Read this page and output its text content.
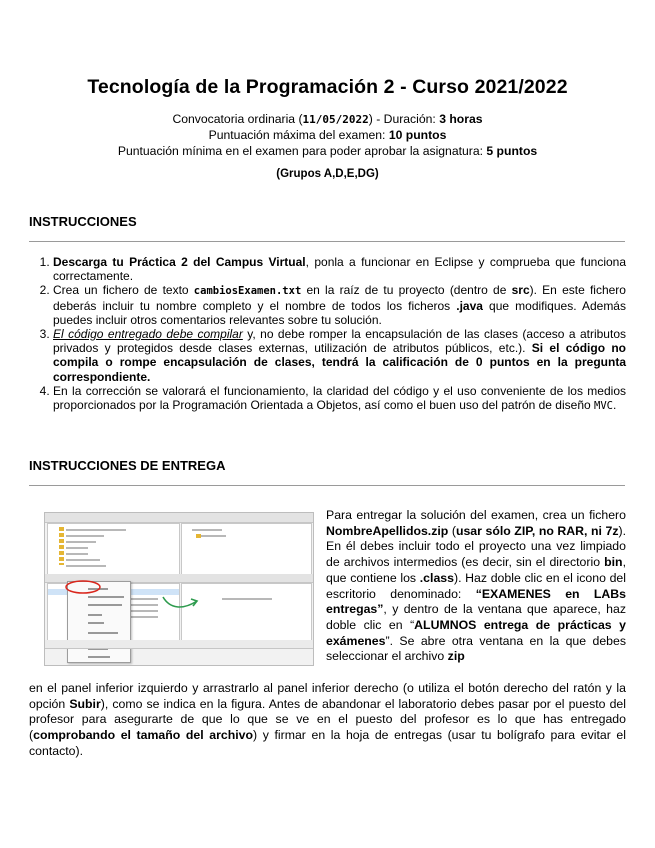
Tecnología de la Programación 2 - Curso 2021/2022
Convocatoria ordinaria (11/05/2022) - Duración: 3 horas
Puntuación máxima del examen: 10 puntos
Puntuación mínima en el examen para poder aprobar la asignatura: 5 puntos
(Grupos A,D,E,DG)
INSTRUCCIONES
1. Descarga tu Práctica 2 del Campus Virtual, ponla a funcionar en Eclipse y comprueba que funciona correctamente.
2. Crea un fichero de texto cambiosExamen.txt en la raíz de tu proyecto (dentro de src). En este fichero deberás incluir tu nombre completo y el nombre de todos los ficheros .java que modifiques. Además puedes incluir otros comentarios relevantes sobre tu solución.
3. El código entregado debe compilar y, no debe romper la encapsulación de las clases (acceso a atributos privados y protegidos desde clases externas, utilización de atributos públicos, etc.). Si el código no compila o rompe encapsulación de clases, tendrá la calificación de 0 puntos en la pregunta correspondiente.
4. En la corrección se valorará el funcionamiento, la claridad del código y el uso conveniente de los medios proporcionados por la Programación Orientada a Objetos, así como el buen uso del patrón de diseño MVC.
INSTRUCCIONES DE ENTREGA
Para entregar la solución del examen, crea un fichero NombreApellidos.zip (usar sólo ZIP, no RAR, ni 7z). En él debes incluir todo el proyecto una vez limpiado de archivos intermedios (es decir, sin el directorio bin, que contiene los .class). Haz doble clic en el icono del escritorio denominado: “EXAMENES en LABs entregas”, y dentro de la ventana que aparece, haz doble clic en “ALUMNOS entrega de prácticas y exámenes”. Se abre otra ventana en la que debes seleccionar el archivo zip
en el panel inferior izquierdo y arrastrarlo al panel inferior derecho (o utiliza el botón derecho del ratón y la opción Subir), como se indica en la figura. Antes de abandonar el laboratorio debes pasar por el puesto del profesor para asegurarte de que lo que se ve en el puesto del profesor es lo que has entregado (comprobando el tamaño del archivo) y firmar en la hoja de entregas (usar tu bolígrafo para evitar el contacto).
